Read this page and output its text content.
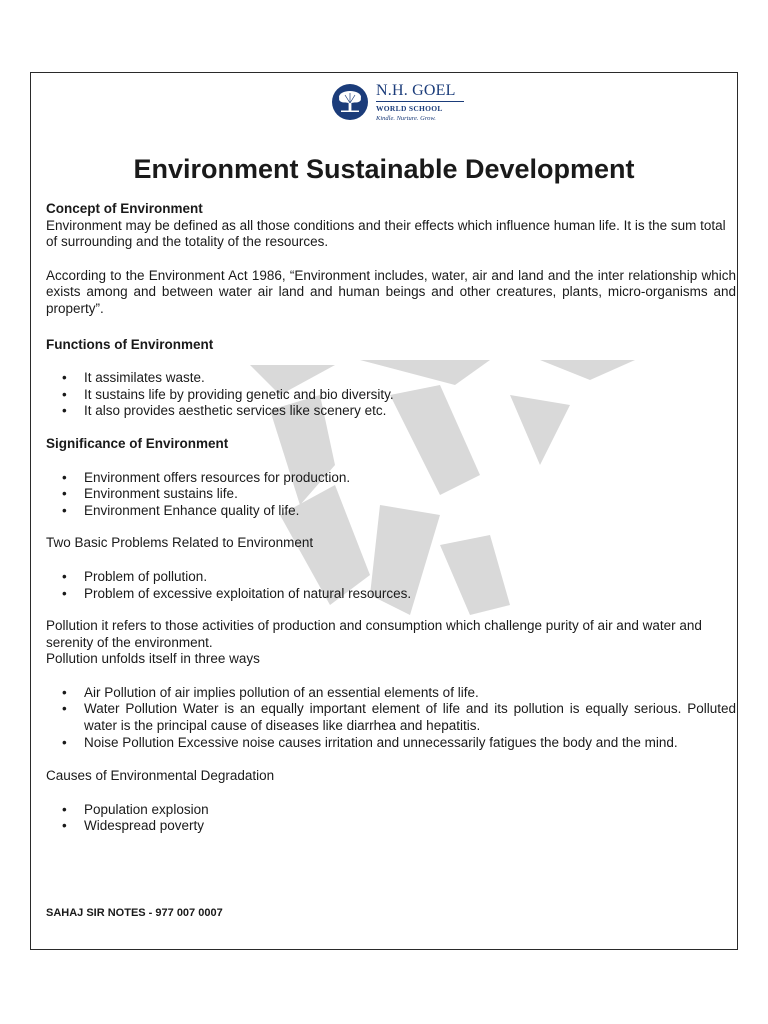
N.H. GOEL
WORLD SCHOOL
Kindle. Nurture. Grow.
Environment Sustainable Development

Concept of Environment

Environment may be defined as all those conditions and their effects which influence human life. It is the sum total of surrounding and the totality of the resources.

According to the Environment Act 1986, “Environment includes, water, air and land and the inter relationship which exists among and between water air land and human beings and other creatures, plants, micro-organisms and property”.

Functions of Environment

• It assimilates waste.
• It sustains life by providing genetic and bio diversity.
• It also provides aesthetic services like scenery etc.

Significance of Environment

• Environment offers resources for production.
• Environment sustains life.
• Environment Enhance quality of life.

Two Basic Problems Related to Environment

• Problem of pollution.
• Problem of excessive exploitation of natural resources.

Pollution it refers to those activities of production and consumption which challenge purity of air and water and serenity of the environment.

Pollution unfolds itself in three ways

• Air Pollution of air implies pollution of an essential elements of life.
• Water Pollution Water is an equally important element of life and its pollution is equally serious. Polluted water is the principal cause of diseases like diarrhea and hepatitis.
• Noise Pollution Excessive noise causes irritation and unnecessarily fatigues the body and the mind.

Causes of Environmental Degradation

• Population explosion
• Widespread poverty
SAHAJ SIR NOTES - 977 007 0007
